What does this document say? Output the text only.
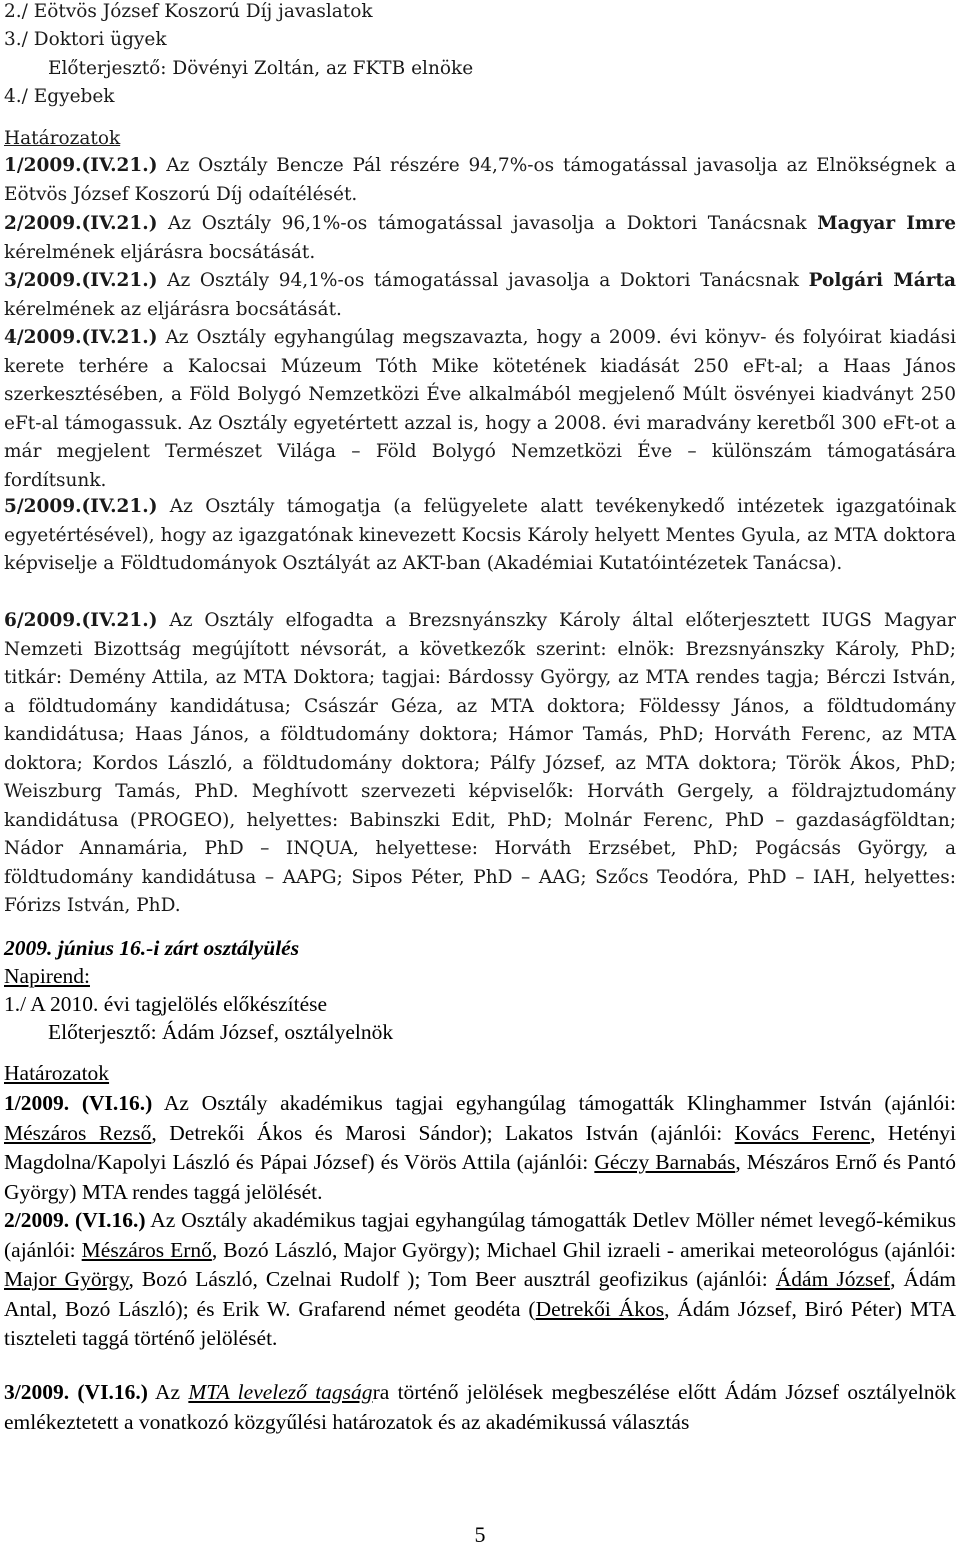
2./ Eötvös József Koszorú Díj javaslatok
3./ Doktori ügyek
Előterjesztő: Dövényi Zoltán, az FKTB elnöke
4./ Egyebek
Határozatok
1/2009.(IV.21.) Az Osztály Bencze Pál részére 94,7%-os támogatással javasolja az Elnökségnek a Eötvös József Koszorú Díj odaítélését.
2/2009.(IV.21.) Az Osztály 96,1%-os támogatással javasolja a Doktori Tanácsnak Magyar Imre kérelmének eljárásra bocsátását.
3/2009.(IV.21.) Az Osztály 94,1%-os támogatással javasolja a Doktori Tanácsnak Polgári Márta kérelmének az eljárásra bocsátását.
4/2009.(IV.21.) Az Osztály egyhangúlag megszavazta, hogy a 2009. évi könyv- és folyóirat kiadási kerete terhére a Kalocsai Múzeum Tóth Mike kötetének kiadását 250 eFt-al; a Haas János szerkesztésében, a Föld Bolygó Nemzetközi Éve alkalmából megjelenő Múlt ösvényei kiadványt 250 eFt-al támogassuk. Az Osztály egyetértett azzal is, hogy a 2008. évi maradvány keretből 300 eFt-ot a már megjelent Természet Világa – Föld Bolygó Nemzetközi Éve – különszám támogatására fordítsunk.
5/2009.(IV.21.) Az Osztály támogatja (a felügyelete alatt tevékenykedő intézetek igazgatóinak egyetértésével), hogy az igazgatónak kinevezett Kocsis Károly helyett Mentes Gyula, az MTA doktora képviselje a Földtudományok Osztályát az AKT-ban (Akadémiai Kutatóintézetek Tanácsa).
6/2009.(IV.21.) Az Osztály elfogadta a Brezsnyánszky Károly által előterjesztett IUGS Magyar Nemzeti Bizottság megújított névsorát, a következők szerint: elnök: Brezsnyánszky Károly, PhD; titkár: Demény Attila, az MTA Doktora; tagjai: Bárdossy György, az MTA rendes tagja; Bérczi István, a földtudomány kandidátusa; Császár Géza, az MTA doktora; Földessy János, a földtudomány kandidátusa; Haas János, a földtudomány doktora; Hámor Tamás, PhD; Horváth Ferenc, az MTA doktora; Kordos László, a földtudomány doktora; Pálfy József, az MTA doktora; Török Ákos, PhD; Weiszburg Tamás, PhD. Meghívott szervezeti képviselők: Horváth Gergely, a földrajztudomány kandidátusa (PROGEO), helyettes: Babinszki Edit, PhD; Molnár Ferenc, PhD – gazdaságföldtan; Nádor Annamária, PhD – INQUA, helyettese: Horváth Erzsébet, PhD; Pogácsás György, a földtudomány kandidátusa – AAPG; Sipos Péter, PhD – AAG; Szőcs Teodóra, PhD – IAH, helyettes: Fórizs István, PhD.
2009. június 16.-i zárt osztályülés
Napirend:
1./ A 2010. évi tagjelölés előkészítése
Előterjesztő: Ádám József, osztályelnök
Határozatok
1/2009. (VI.16.) Az Osztály akadémikus tagjai egyhangúlag támogatták Klinghammer István (ajánlói: Mészáros Rezső, Detrekői Ákos és Marosi Sándor); Lakatos István (ajánlói: Kovács Ferenc, Hetényi Magdolna/Kapolyi László és Pápai József) és Vörös Attila (ajánlói: Géczy Barnabás, Mészáros Ernő és Pantó György) MTA rendes taggá jelölését.
2/2009. (VI.16.) Az Osztály akadémikus tagjai egyhangúlag támogatták Detlev Möller német levegő-kémikus (ajánlói: Mészáros Ernő, Bozó László, Major György); Michael Ghil izraeli - amerikai meteorológus (ajánlói: Major György, Bozó László, Czelnai Rudolf ); Tom Beer ausztrál geofizikus (ajánlói: Ádám József, Ádám Antal, Bozó László); és Erik W. Grafarend német geodéta (Detrekői Ákos, Ádám József, Biró Péter) MTA tiszteleti taggá történő jelölését.
3/2009. (VI.16.) Az MTA levelező tagságra történő jelölések megbeszélése előtt Ádám József osztályelnök emlékeztetett a vonatkozó közgyűlési határozatok és az akadémikussá választás
5
